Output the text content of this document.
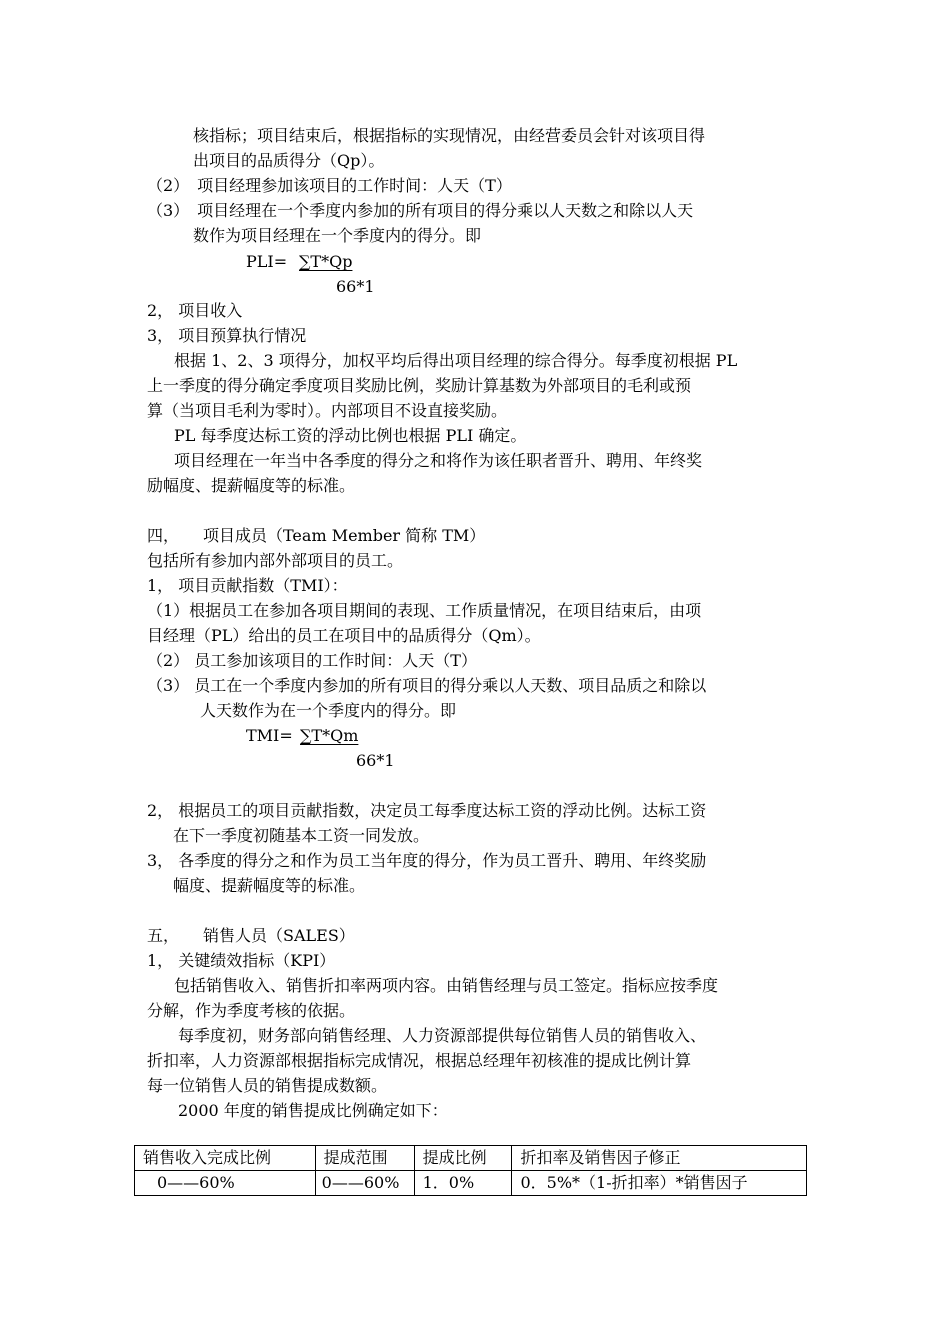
核指标；项目结束后，根据指标的实现情况，由经营委员会针对该项目得
出项目的品质得分（Qp）。
（2）　项目经理参加该项目的工作时间：人天（T）
（3）　项目经理在一个季度内参加的所有项目的得分乘以人天数之和除以人天
数作为项目经理在一个季度内的得分。即
PLI= ∑T*Qp
66*1
2， 项目收入
3， 项目预算执行情况
根据 1、2、3 项得分，加权平均后得出项目经理的综合得分。每季度初根据 PL
上一季度的得分确定季度项目奖励比例，奖励计算基数为外部项目的毛利或预
算（当项目毛利为零时）。内部项目不设直接奖励。
PL 每季度达标工资的浮动比例也根据 PLI 确定。
项目经理在一年当中各季度的得分之和将作为该任职者晋升、聘用、年终奖
励幅度、提薪幅度等的标准。
四，　　项目成员（Team Member 简称 TM）
包括所有参加内部外部项目的员工。
1， 项目贡献指数（TMI）：
（1）根据员工在参加各项目期间的表现、工作质量情况，在项目结束后，由项
目经理（PL）给出的员工在项目中的品质得分（Qm）。
（2） 员工参加该项目的工作时间：人天（T）
（3） 员工在一个季度内参加的所有项目的得分乘以人天数、项目品质之和除以
人天数作为在一个季度内的得分。即
TMI= ∑T*Qm
66*1
2， 根据员工的项目贡献指数，决定员工每季度达标工资的浮动比例。达标工资
在下一季度初随基本工资一同发放。
3， 各季度的得分之和作为员工当年度的得分，作为员工晋升、聘用、年终奖励
幅度、提薪幅度等的标准。
五，　　销售人员（SALES）
1， 关键绩效指标（KPI）
包括销售收入、销售折扣率两项内容。由销售经理与员工签定。指标应按季度
分解，作为季度考核的依据。
每季度初，财务部向销售经理、人力资源部提供每位销售人员的销售收入、
折扣率，人力资源部根据指标完成情况，根据总经理年初核准的提成比例计算
每一位销售人员的销售提成数额。
2000 年度的销售提成比例确定如下：
销售收入完成比例	提成范围	提成比例	折扣率及销售因子修正
0——60%	0——60%	1．0%	0．5%*（1-折扣率）*销售因子
